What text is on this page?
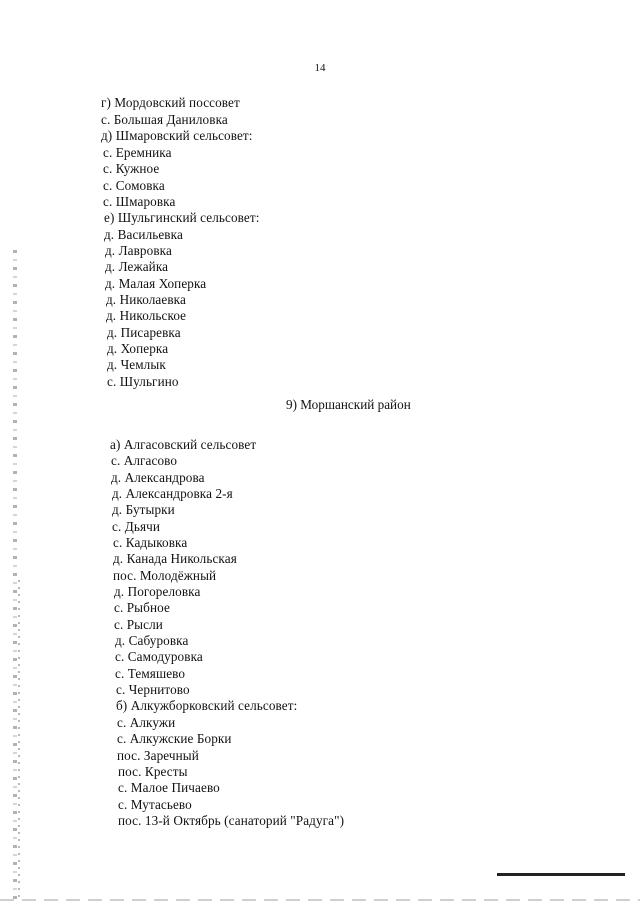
14
г) Мордовский поссовет
с. Большая Даниловка
д) Шмаровский сельсовет:
с. Еремника
с. Кужное
с. Сомовка
с. Шмаровка
е) Шульгинский сельсовет:
д. Васильевка
д. Лавровка
д. Лежайка
д. Малая Хоперка
д. Николаевка
д. Никольское
д. Писаревка
д. Хоперка
д. Чемлык
с. Шульгино
9) Моршанский район
а) Алгасовский сельсовет
с. Алгасово
д. Александрова
д. Александровка 2-я
д. Бутырки
с. Дьячи
с. Кадыковка
д. Канада Никольская
пос. Молодёжный
д. Погореловка
с. Рыбное
с. Рысли
д. Сабуровка
с. Самодуровка
с. Темяшево
с. Чернитово
б) Алкужборковский сельсовет:
с. Алкужи
с. Алкужские Борки
пос. Заречный
пос. Кресты
с. Малое Пичаево
с. Мутасьево
пос. 13-й Октябрь (санаторий "Радуга")
